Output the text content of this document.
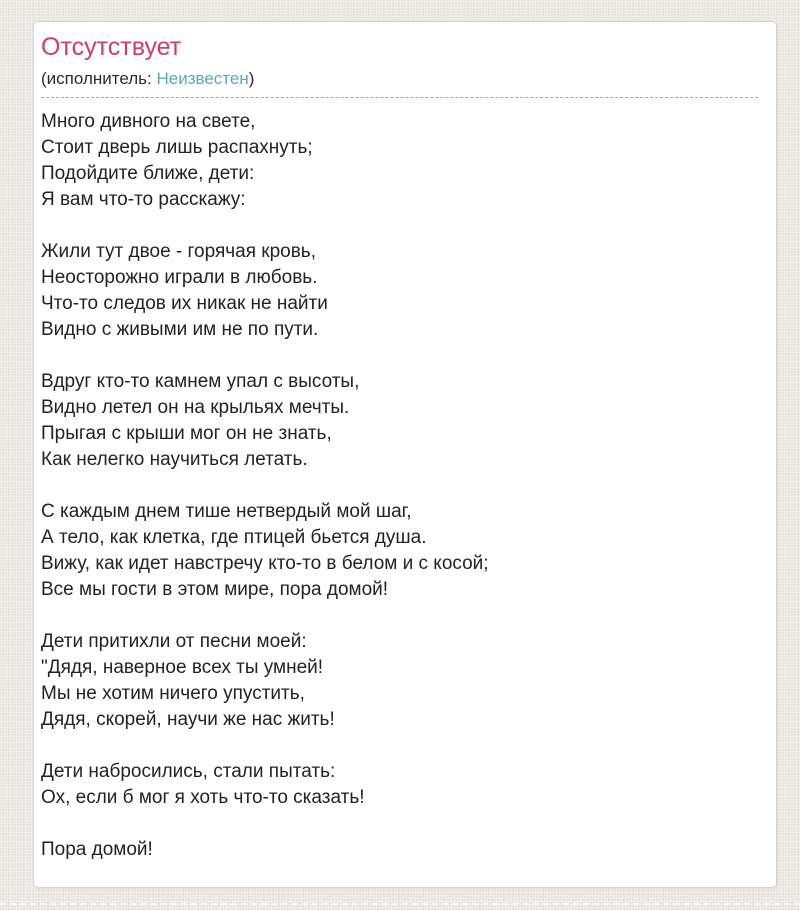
Отсутствует
(исполнитель: Неизвестен)
Много дивного на свете,
Стоит дверь лишь распахнуть;
Подойдите ближе, дети:
Я вам что-то расскажу:
Жили тут двое - горячая кровь,
Неосторожно играли в любовь.
Что-то следов их никак не найти
Видно с живыми им не по пути.
Вдруг кто-то камнем упал с высоты,
Видно летел он на крыльях мечты.
Прыгая с крыши мог он не знать,
Как нелегко научиться летать.
С каждым днем тише нетвердый мой шаг,
А тело, как клетка, где птицей бьется душа.
Вижу, как идет навстречу кто-то в белом и с косой;
Все мы гости в этом мире, пора домой!
Дети притихли от песни моей:
"Дядя, наверное всех ты умней!
Мы не хотим ничего упустить,
Дядя, скорей, научи же нас жить!
Дети набросились, стали пытать:
Ох, если б мог я хоть что-то сказать!
Пора домой!
